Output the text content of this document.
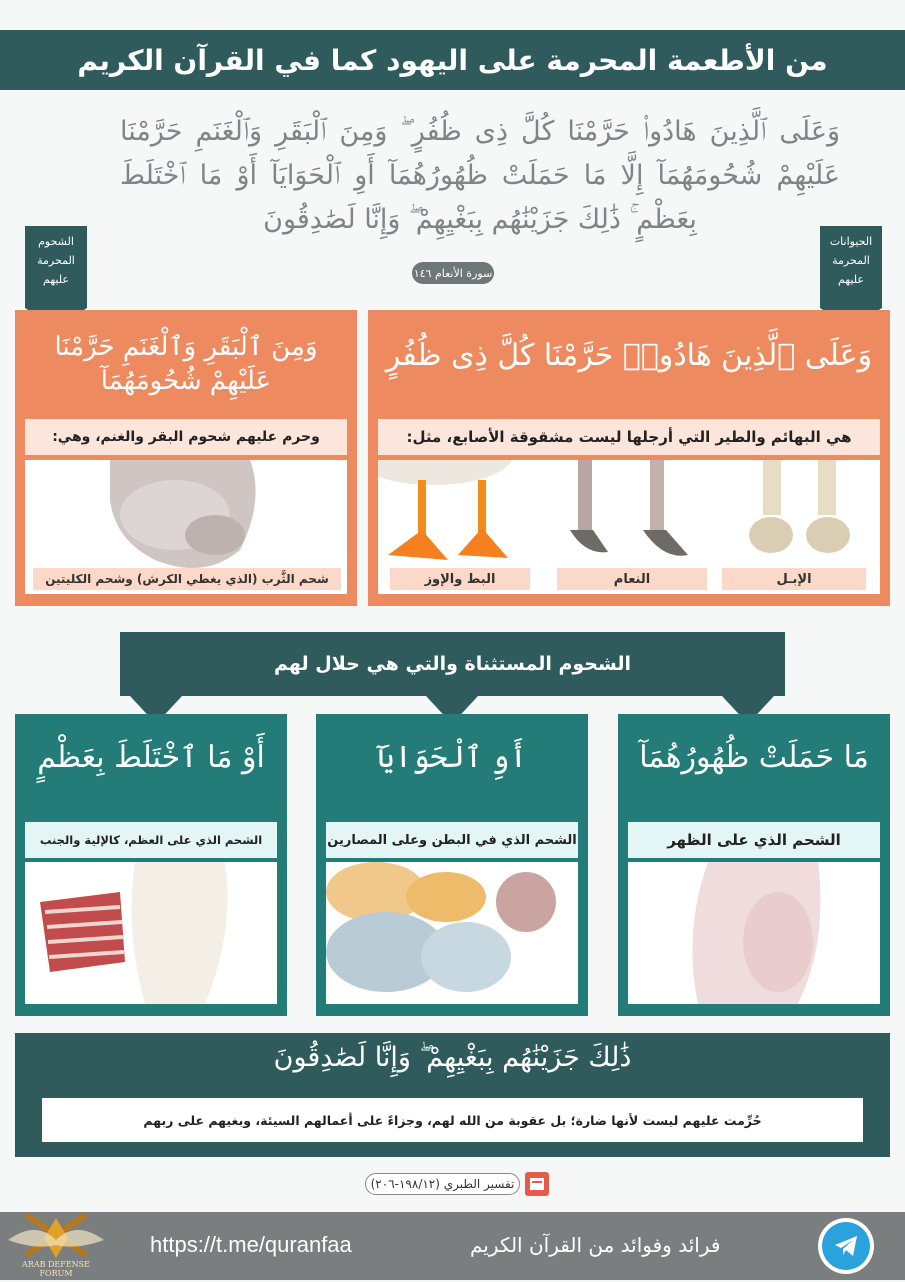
من الأطعمة المحرمة على اليهود كما في القرآن الكريم
وَعَلَى ٱلَّذِينَ هَادُوا۟ حَرَّمْنَا كُلَّ ذِى ظُفُرٍ ۖ وَمِنَ ٱلْبَقَرِ وَٱلْغَنَمِ حَرَّمْنَا عَلَيْهِمْ شُحُومَهُمَآ إِلَّا مَا حَمَلَتْ ظُهُورُهُمَآ أَوِ ٱلْحَوَايَآ أَوْ مَا ٱخْتَلَطَ بِعَظْمٍ ۚ ذَٰلِكَ جَزَيْنَٰهُم بِبَغْيِهِمْ ۖ وَإِنَّا لَصَٰدِقُونَ
سورة الأنعام ١٤٦
الشحوم المحرمة عليهم
الحيوانات المحرمة عليهم
وَعَلَى ٱلَّذِينَ هَادُوا۟ حَرَّمْنَا كُلَّ ذِى ظُفُرٍ
هي البهائم والطير التي أرجلها ليست مشقوقة الأصابع، مثل:
الإبـل
النعام
البط والإوز
وَمِنَ ٱلْبَقَرِ وَٱلْغَنَمِ حَرَّمْنَا عَلَيْهِمْ شُحُومَهُمَآ
وحرم عليهم شحوم البقر والغنم، وهي:
شحم الثَّرب (الذي يغطي الكرش) وشحم الكليتين
الشحوم المستثناة والتي هي حلال لهم
مَا حَمَلَتْ ظُهُورُهُمَآ
الشحم الذي على الظهر
أَوِ ٱلْحَوَايَآ
الشحم الذي في البطن وعلى المصارين
أَوْ مَا ٱخْتَلَطَ بِعَظْمٍ
الشحم الذي على العظم، كالإلية والجنب
ذَٰلِكَ جَزَيْنَٰهُم بِبَغْيِهِمْ ۖ وَإِنَّا لَصَٰدِقُونَ
حُرِّمت عليهم ليست لأنها ضارة؛ بل عقوبة من الله لهم، وجزاءً على أعمالهم السيئة، وبغيهم على ربهم
تفسير الطبري (١٩٨/١٢-٢٠٦)
ARAB DEFENSE FORUM
https://t.me/quranfaa	فرائد وفوائد من القرآن الكريم
